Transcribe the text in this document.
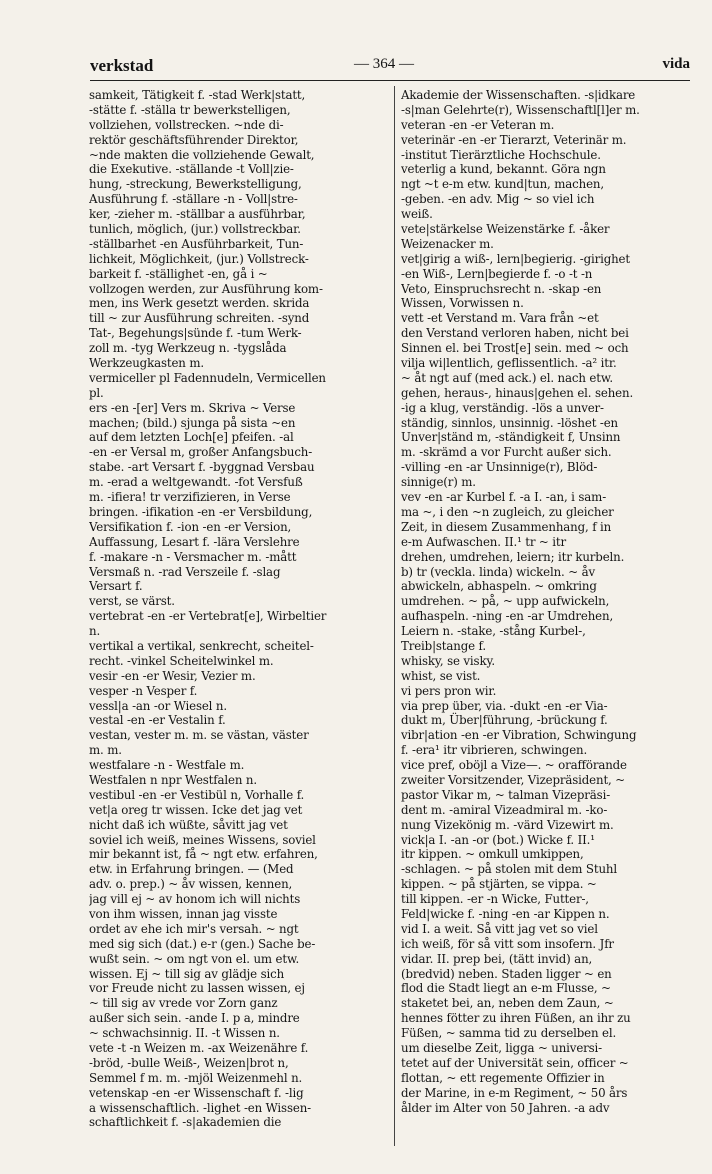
verkstad	— 364 —	vida
samkeit, Tätigkeit f. -stad Werk|statt,
-stätte f. -ställa tr bewerkstelligen,
vollziehen, vollstrecken. ~nde di-
rektör geschäftsführender Direktor,
~nde makten die vollziehende Gewalt,
die Exekutive. -ställande -t Voll|zie-
hung, -streckung, Bewerkstelligung,
Ausführung f. -ställare -n - Voll|stre-
ker, -zieher m. -ställbar a ausführbar,
tunlich, möglich, (jur.) vollstreckbar.
-ställbarhet -en Ausführbarkeit, Tun-
lichkeit, Möglichkeit, (jur.) Vollstreck-
barkeit f. -ställighet -en, gå i ~
vollzogen werden, zur Ausführung kom-
men, ins Werk gesetzt werden. skrida
till ~ zur Ausführung schreiten. -synd
Tat-, Begehungs|sünde f. -tum Werk-
zoll m. -tyg Werkzeug n. -tygslåda
Werkzeugkasten m.
vermiceller pl Fadennudeln, Vermicellen
pl.
ers -en -[er] Vers m. Skriva ~ Verse
machen; (bild.) sjunga på sista ~en
auf dem letzten Loch[e] pfeifen. -al
-en -er Versal m, großer Anfangsbuch-
stabe. -art Versart f. -byggnad Versbau
m. -erad a weltgewandt. -fot Versfuß
m. -ifiera! tr verzifizieren, in Verse
bringen. -ifikation -en -er Versbildung,
Versifikation f. -ion -en -er Version,
Auffassung, Lesart f. -lära Verslehre
f. -makare -n - Versmacher m. -mått
Versmaß n. -rad Verszeile f. -slag
Versart f.
verst, se värst.
vertebrat -en -er Vertebrat[e], Wirbeltier
n.
vertikal a vertikal, senkrecht, scheitel-
recht. -vinkel Scheitelwinkel m.
vesir -en -er Wesir, Vezier m.
vesper -n Vesper f.
vessl|a -an -or Wiesel n.
vestal -en -er Vestalin f.
vestan, vester m. m. se västan, väster
m. m.
westfalare -n - Westfale m.
Westfalen n npr Westfalen n.
vestibul -en -er Vestibül n, Vorhalle f.
vet|a oreg tr wissen. Icke det jag vet
nicht daß ich wüßte, såvitt jag vet
soviel ich weiß, meines Wissens, soviel
mir bekannt ist, få ~ ngt etw. erfahren,
etw. in Erfahrung bringen. — (Med
adv. o. prep.) ~ åv wissen, kennen,
jag vill ej ~ av honom ich will nichts
von ihm wissen, innan jag visste
ordet av ehe ich mir's versah. ~ ngt
med sig sich (dat.) e-r (gen.) Sache be-
wußt sein. ~ om ngt von el. um etw.
wissen. Ej ~ till sig av glädje sich
vor Freude nicht zu lassen wissen, ej
~ till sig av vrede vor Zorn ganz
außer sich sein. -ande I. p a, mindre
~ schwachsinnig. II. -t Wissen n.
vete -t -n Weizen m. -ax Weizenähre f.
-bröd, -bulle Weiß-, Weizen|brot n,
Semmel f m. m. -mjöl Weizenmehl n.
vetenskap -en -er Wissenschaft f. -lig
a wissenschaftlich. -lighet -en Wissen-
schaftlichkeit f. -s|akademien die
Akademie der Wissenschaften. -s|idkare
-s|man Gelehrte(r), Wissenschaftl[l]er m.
veteran -en -er Veteran m.
veterinär -en -er Tierarzt, Veterinär m.
-institut Tierärztliche Hochschule.
veterlig a kund, bekannt. Göra ngn
ngt ~t e-m etw. kund|tun, machen,
-geben. -en adv. Mig ~ so viel ich
weiß.
vete|stärkelse Weizenstärke f. -åker
Weizenacker m.
vet|girig a wiß-, lern|begierig. -girighet
-en Wiß-, Lern|begierde f. -o -t -n
Veto, Einspruchsrecht n. -skap -en
Wissen, Vorwissen n.
vett -et Verstand m. Vara från ~et
den Verstand verloren haben, nicht bei
Sinnen el. bei Trost[e] sein. med ~ och
vilja wi|lentlich, geflissentlich. -a² itr.
~ åt ngt auf (med ack.) el. nach etw.
gehen, heraus-, hinaus|gehen el. sehen.
-ig a klug, verständig. -lös a unver-
ständig, sinnlos, unsinnig. -löshet -en
Unver|ständ m, -ständigkeit f, Unsinn
m. -skrämd a vor Furcht außer sich.
-villing -en -ar Unsinnige(r), Blöd-
sinnige(r) m.
vev -en -ar Kurbel f. -a I. -an, i sam-
ma ~, i den ~n zugleich, zu gleicher
Zeit, in diesem Zusammenhang, f in
e-m Aufwaschen. II.¹ tr ~ itr
drehen, umdrehen, leiern; itr kurbeln.
b) tr (veckla. linda) wickeln. ~ åv
abwickeln, abhaspeln. ~ omkring
umdrehen. ~ på, ~ upp aufwickeln,
aufhaspeln. -ning -en -ar Umdrehen,
Leiern n. -stake, -stång Kurbel-,
Treib|stange f.
whisky, se visky.
whist, se vist.
vi pers pron wir.
via prep über, via. -dukt -en -er Via-
dukt m, Über|führung, -brückung f.
vibr|ation -en -er Vibration, Schwingung
f. -era¹ itr vibrieren, schwingen.
vice pref, oböjl a Vize—. ~ orafförande
zweiter Vorsitzender, Vizepräsident, ~
pastor Vikar m, ~ talman Vizepräsi-
dent m. -amiral Vizeadmiral m. -ko-
nung Vizekönig m. -värd Vizewirt m.
vick|a I. -an -or (bot.) Wicke f. II.¹
itr kippen. ~ omkull umkippen,
-schlagen. ~ på stolen mit dem Stuhl
kippen. ~ på stjärten, se vippa. ~
till kippen. -er -n Wicke, Futter-,
Feld|wicke f. -ning -en -ar Kippen n.
vid I. a weit. Så vitt jag vet so viel
ich weiß, för så vitt som insofern. Jfr
vidar. II. prep bei, (tätt invid) an,
(bredvid) neben. Staden ligger ~ en
flod die Stadt liegt an e-m Flusse, ~
staketet bei, an, neben dem Zaun, ~
hennes fötter zu ihren Füßen, an ihr zu
Füßen, ~ samma tid zu derselben el.
um dieselbe Zeit, ligga ~ universi-
tetet auf der Universität sein, officer ~
flottan, ~ ett regemente Offizier in
der Marine, in e-m Regiment, ~ 50 års
ålder im Alter von 50 Jahren. -a adv
